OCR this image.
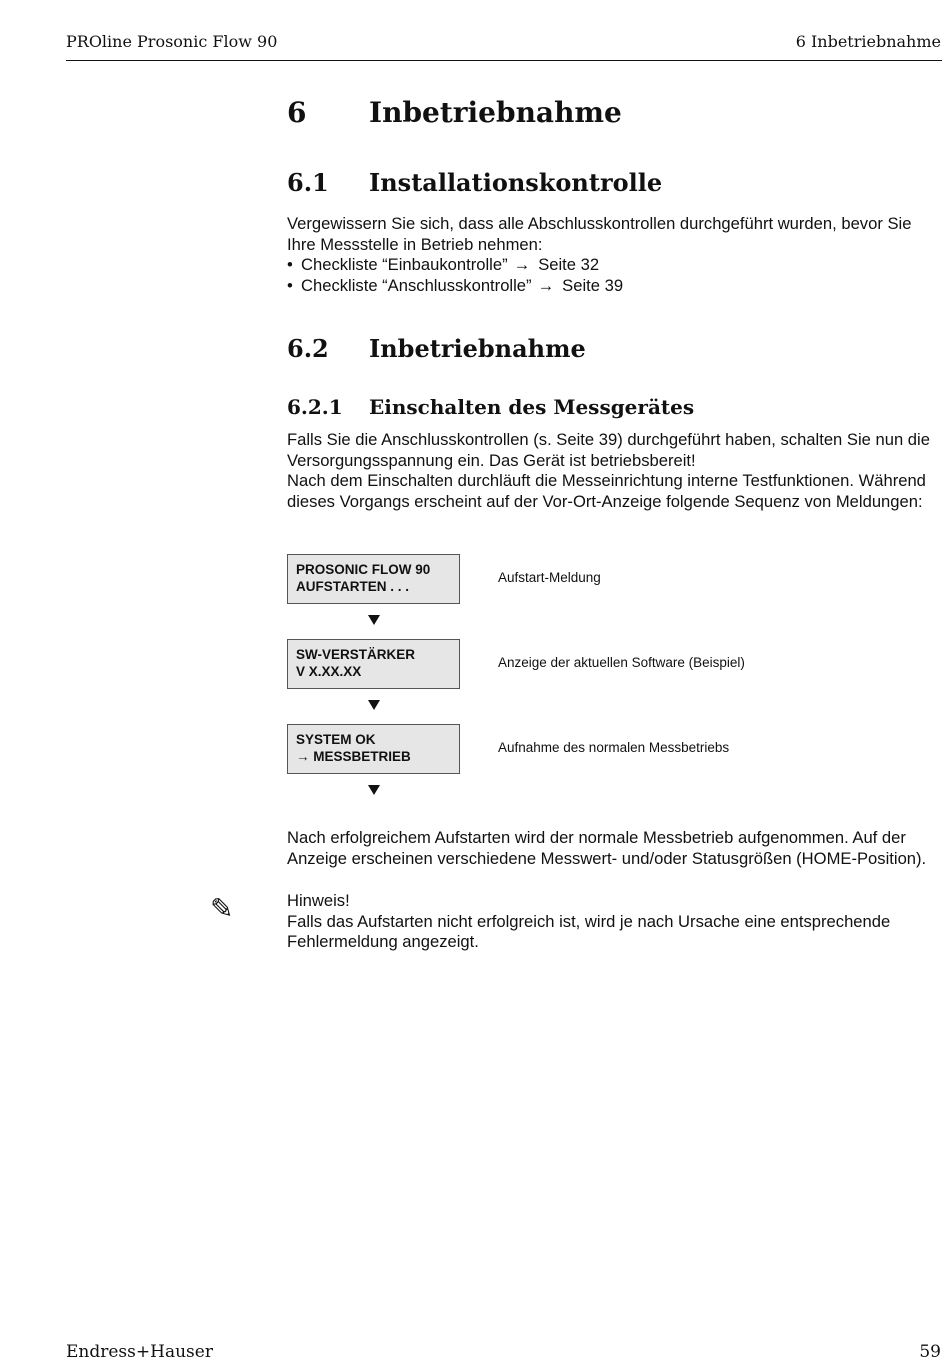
PROline Prosonic Flow 90	6 Inbetriebnahme
6 Inbetriebnahme
6.1 Installationskontrolle
Vergewissern Sie sich, dass alle Abschlusskontrollen durchgeführt wurden, bevor Sie
Ihre Messstelle in Betrieb nehmen:
• Checkliste “Einbaukontrolle” → Seite 32
• Checkliste “Anschlusskontrolle” → Seite 39
6.2 Inbetriebnahme
6.2.1 Einschalten des Messgerätes
Falls Sie die Anschlusskontrollen (s. Seite 39) durchgeführt haben, schalten Sie nun die
Versorgungsspannung ein. Das Gerät ist betriebsbereit!
Nach dem Einschalten durchläuft die Messeinrichtung interne Testfunktionen. Während
dieses Vorgangs erscheint auf der Vor-Ort-Anzeige folgende Sequenz von Meldungen:
PROSONIC FLOW 90
AUFSTARTEN . . .
Aufstart-Meldung
SW-VERSTÄRKER
V X.XX.XX
Anzeige der aktuellen Software (Beispiel)
SYSTEM OK
→ MESSBETRIEB
Aufnahme des normalen Messbetriebs
Nach erfolgreichem Aufstarten wird der normale Messbetrieb aufgenommen. Auf der
Anzeige erscheinen verschiedene Messwert- und/oder Statusgrößen (HOME-Position).
✎	Hinweis!
Falls das Aufstarten nicht erfolgreich ist, wird je nach Ursache eine entsprechende
Fehlermeldung angezeigt.
Endress+Hauser	59
